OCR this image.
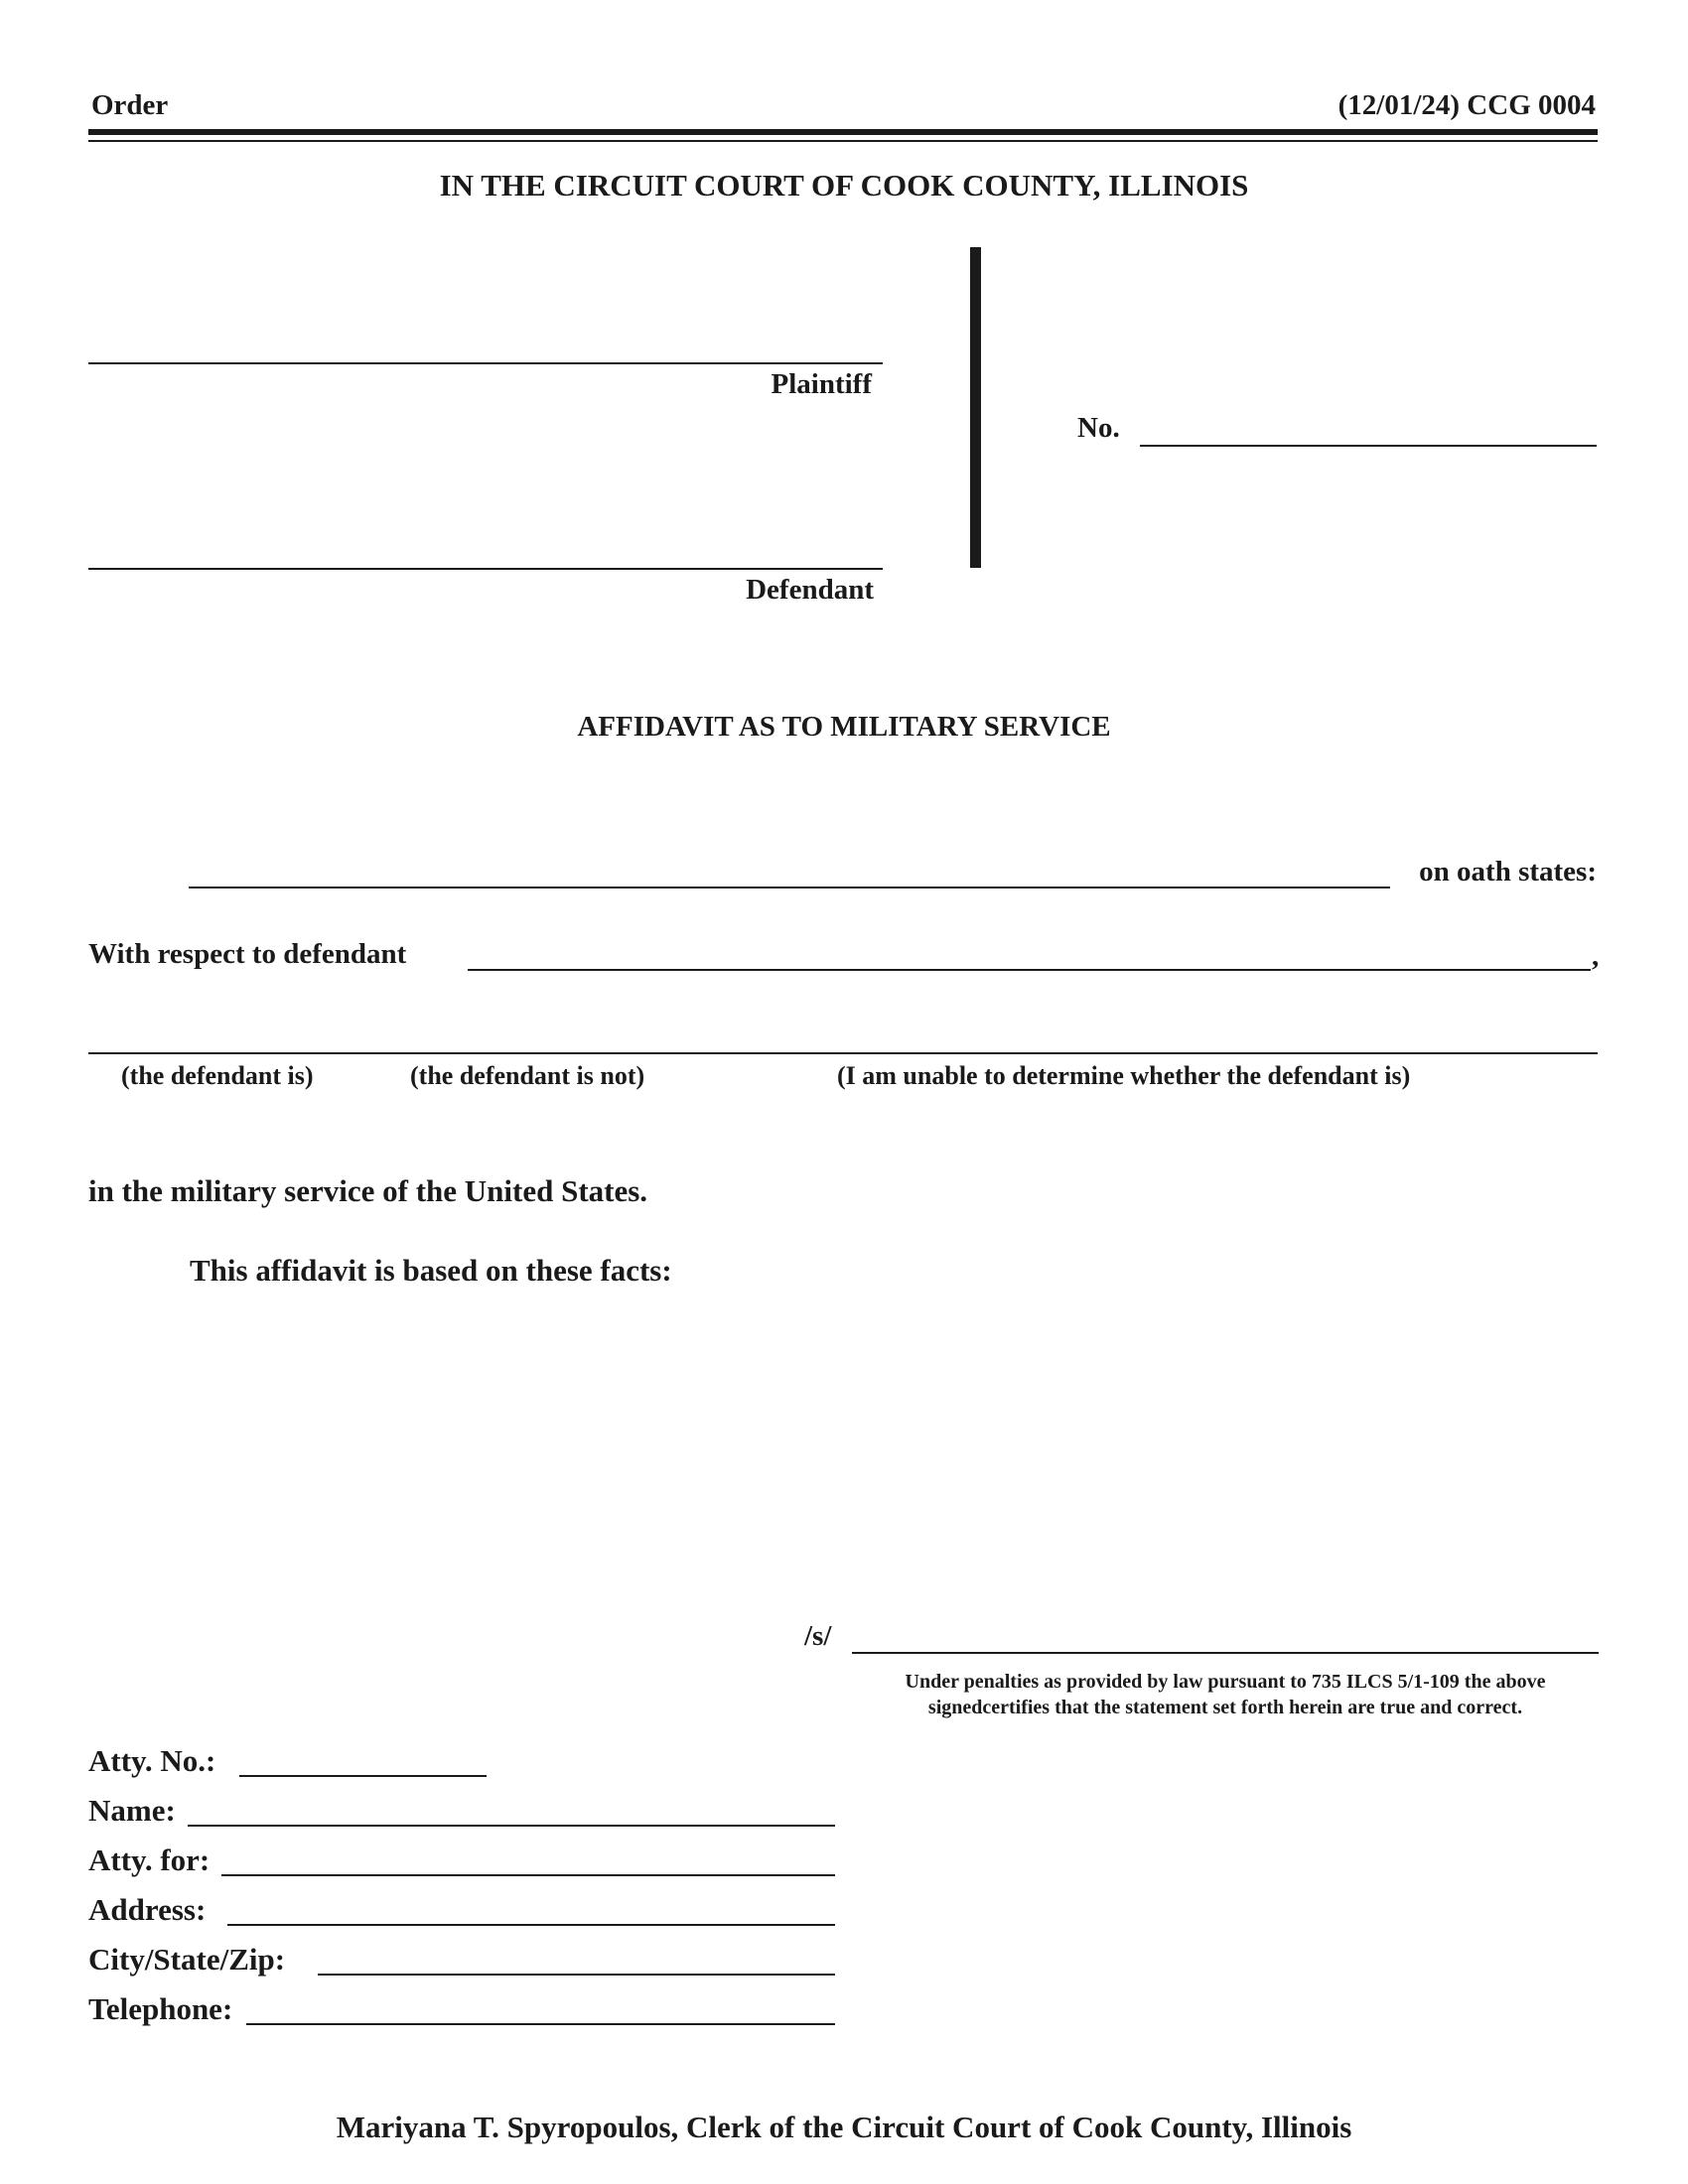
Order	(12/01/24) CCG 0004
IN THE CIRCUIT COURT OF COOK COUNTY, ILLINOIS
Plaintiff
Defendant
No.
AFFIDAVIT AS TO MILITARY SERVICE
on oath states:
With respect to defendant	,
(the defendant is)	(the defendant is not)	(I am unable to determine whether the defendant is)
in the military service of the United States.
This affidavit is based on these facts:
/s/
Under penalties as provided by law pursuant to 735 ILCS 5/1-109 the above
signedcertifies that the statement set forth herein are true and correct.
Atty. No.:
Name:
Atty. for:
Address:
City/State/Zip:
Telephone:
Mariyana T. Spyropoulos, Clerk of the Circuit Court of Cook County, Illinois
